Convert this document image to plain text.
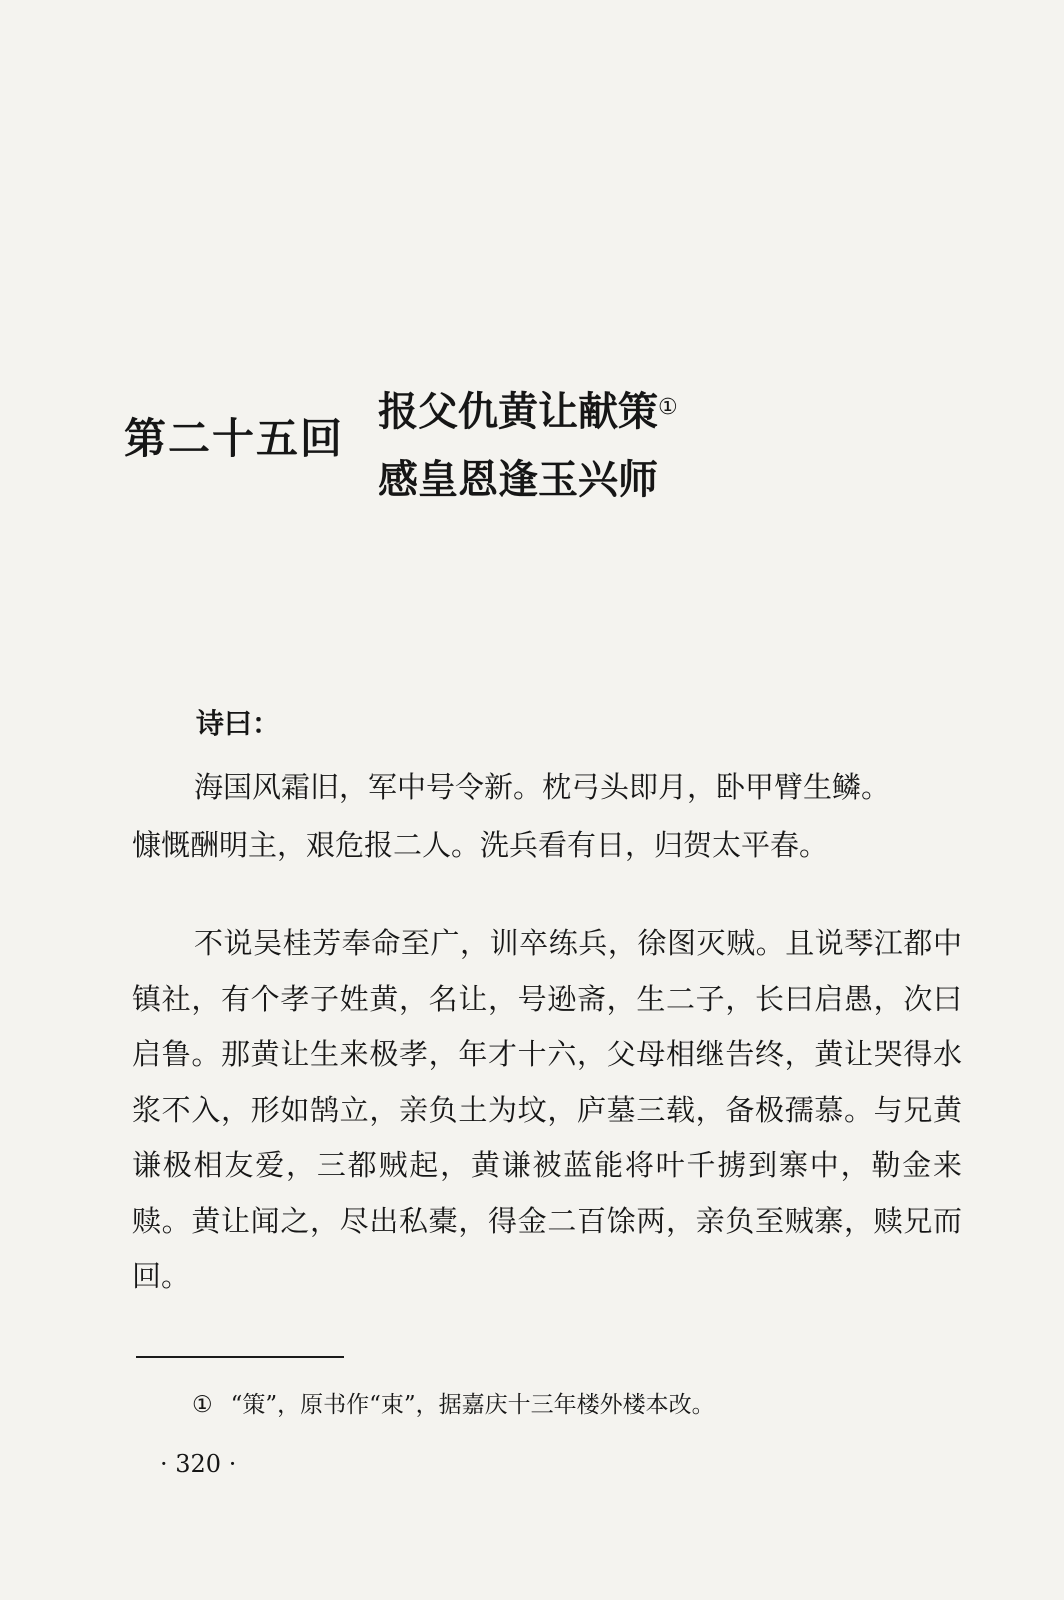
第二十五回
报父仇黄让献策①
感皇恩逢玉兴师
诗曰：
海国风霜旧，军中号令新。枕弓头即月，卧甲臂生鳞。
慷慨酬明主，艰危报二人。洗兵看有日，归贺太平春。
不说吴桂芳奉命至广，训卒练兵，徐图灭贼。且说琴江都中镇社，有个孝子姓黄，名让，号逊斋，生二子，长曰启愚，次曰启鲁。那黄让生来极孝，年才十六，父母相继告终，黄让哭得水浆不入，形如鹄立，亲负土为坟，庐墓三载，备极孺慕。与兄黄谦极相友爱，三都贼起，黄谦被蓝能将叶千掳到寨中，勒金来赎。黄让闻之，尽出私橐，得金二百馀两，亲负至贼寨，赎兄而回。
① “策”，原书作“束”，据嘉庆十三年楼外楼本改。
· 320 ·
